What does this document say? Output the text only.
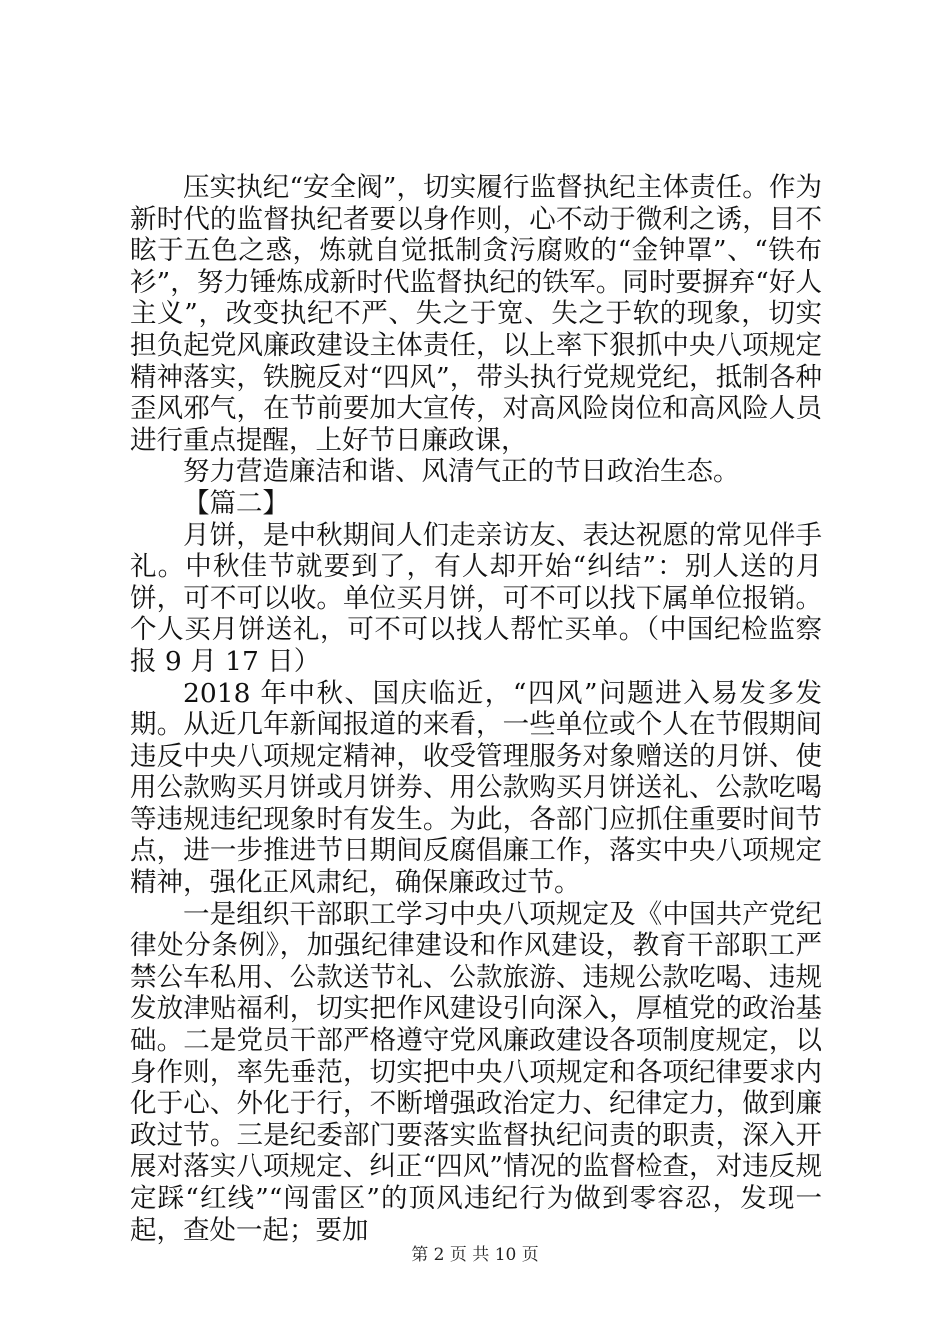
压实执纪“安全阀”，切实履行监督执纪主体责任。作为新时代的监督执纪者要以身作则，心不动于微利之诱，目不眩于五色之惑，炼就自觉抵制贪污腐败的“金钟罩”、“铁布衫”，努力锤炼成新时代监督执纪的铁军。同时要摒弃“好人主义”，改变执纪不严、失之于宽、失之于软的现象，切实担负起党风廉政建设主体责任，以上率下狠抓中央八项规定精神落实，铁腕反对“四风”，带头执行党规党纪，抵制各种歪风邪气，在节前要加大宣传，对高风险岗位和高风险人员进行重点提醒，上好节日廉政课，

努力营造廉洁和谐、风清气正的节日政治生态。

【篇二】

月饼，是中秋期间人们走亲访友、表达祝愿的常见伴手礼。中秋佳节就要到了，有人却开始“纠结”：别人送的月饼，可不可以收。单位买月饼，可不可以找下属单位报销。个人买月饼送礼，可不可以找人帮忙买单。（中国纪检监察报 9 月 17 日）

2018 年中秋、国庆临近，“四风”问题进入易发多发期。从近几年新闻报道的来看，一些单位或个人在节假期间违反中央八项规定精神，收受管理服务对象赠送的月饼、使用公款购买月饼或月饼券、用公款购买月饼送礼、公款吃喝等违规违纪现象时有发生。为此，各部门应抓住重要时间节点，进一步推进节日期间反腐倡廉工作，落实中央八项规定精神，强化正风肃纪，确保廉政过节。

一是组织干部职工学习中央八项规定及《中国共产党纪律处分条例》，加强纪律建设和作风建设，教育干部职工严禁公车私用、公款送节礼、公款旅游、违规公款吃喝、违规发放津贴福利，切实把作风建设引向深入，厚植党的政治基础。二是党员干部严格遵守党风廉政建设各项制度规定，以身作则，率先垂范，切实把中央八项规定和各项纪律要求内化于心、外化于行，不断增强政治定力、纪律定力，做到廉政过节。三是纪委部门要落实监督执纪问责的职责，深入开展对落实八项规定、纠正“四风”情况的监督检查，对违反规定踩“红线”“闯雷区”的顶风违纪行为做到零容忍，发现一起，查处一起；要加

第 2 页 共 10 页
